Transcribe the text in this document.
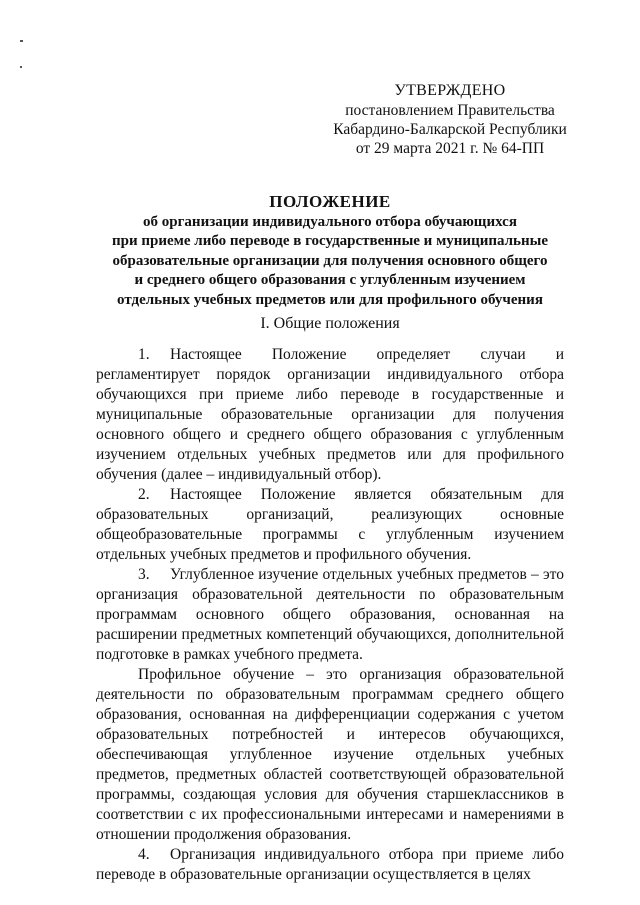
УТВЕРЖДЕНО
постановлением Правительства
Кабардино-Балкарской Республики
от 29 марта 2021 г. № 64-ПП
ПОЛОЖЕНИЕ
об организации индивидуального отбора обучающихся
при приеме либо переводе в государственные и муниципальные
образовательные организации для получения основного общего
и среднего общего образования с углубленным изучением
отдельных учебных предметов или для профильного обучения
I. Общие положения

1. Настоящее Положение определяет случаи и регламентирует порядок организации индивидуального отбора обучающихся при приеме либо переводе в государственные и муниципальные образовательные организации для получения основного общего и среднего общего образования с углубленным изучением отдельных учебных предметов или для профильного обучения (далее – индивидуальный отбор).

2. Настоящее Положение является обязательным для образовательных организаций, реализующих основные общеобразовательные программы с углубленным изучением отдельных учебных предметов и профильного обучения.

3. Углубленное изучение отдельных учебных предметов – это организация образовательной деятельности по образовательным программам основного общего образования, основанная на расширении предметных компетенций обучающихся, дополнительной подготовке в рамках учебного предмета.

Профильное обучение – это организация образовательной деятельности по образовательным программам среднего общего образования, основанная на дифференциации содержания с учетом образовательных потребностей и интересов обучающихся, обеспечивающая углубленное изучение отдельных учебных предметов, предметных областей соответствующей образовательной программы, создающая условия для обучения старшеклассников в соответствии с их профессиональными интересами и намерениями в отношении продолжения образования.

4. Организация индивидуального отбора при приеме либо переводе в образовательные организации осуществляется в целях
